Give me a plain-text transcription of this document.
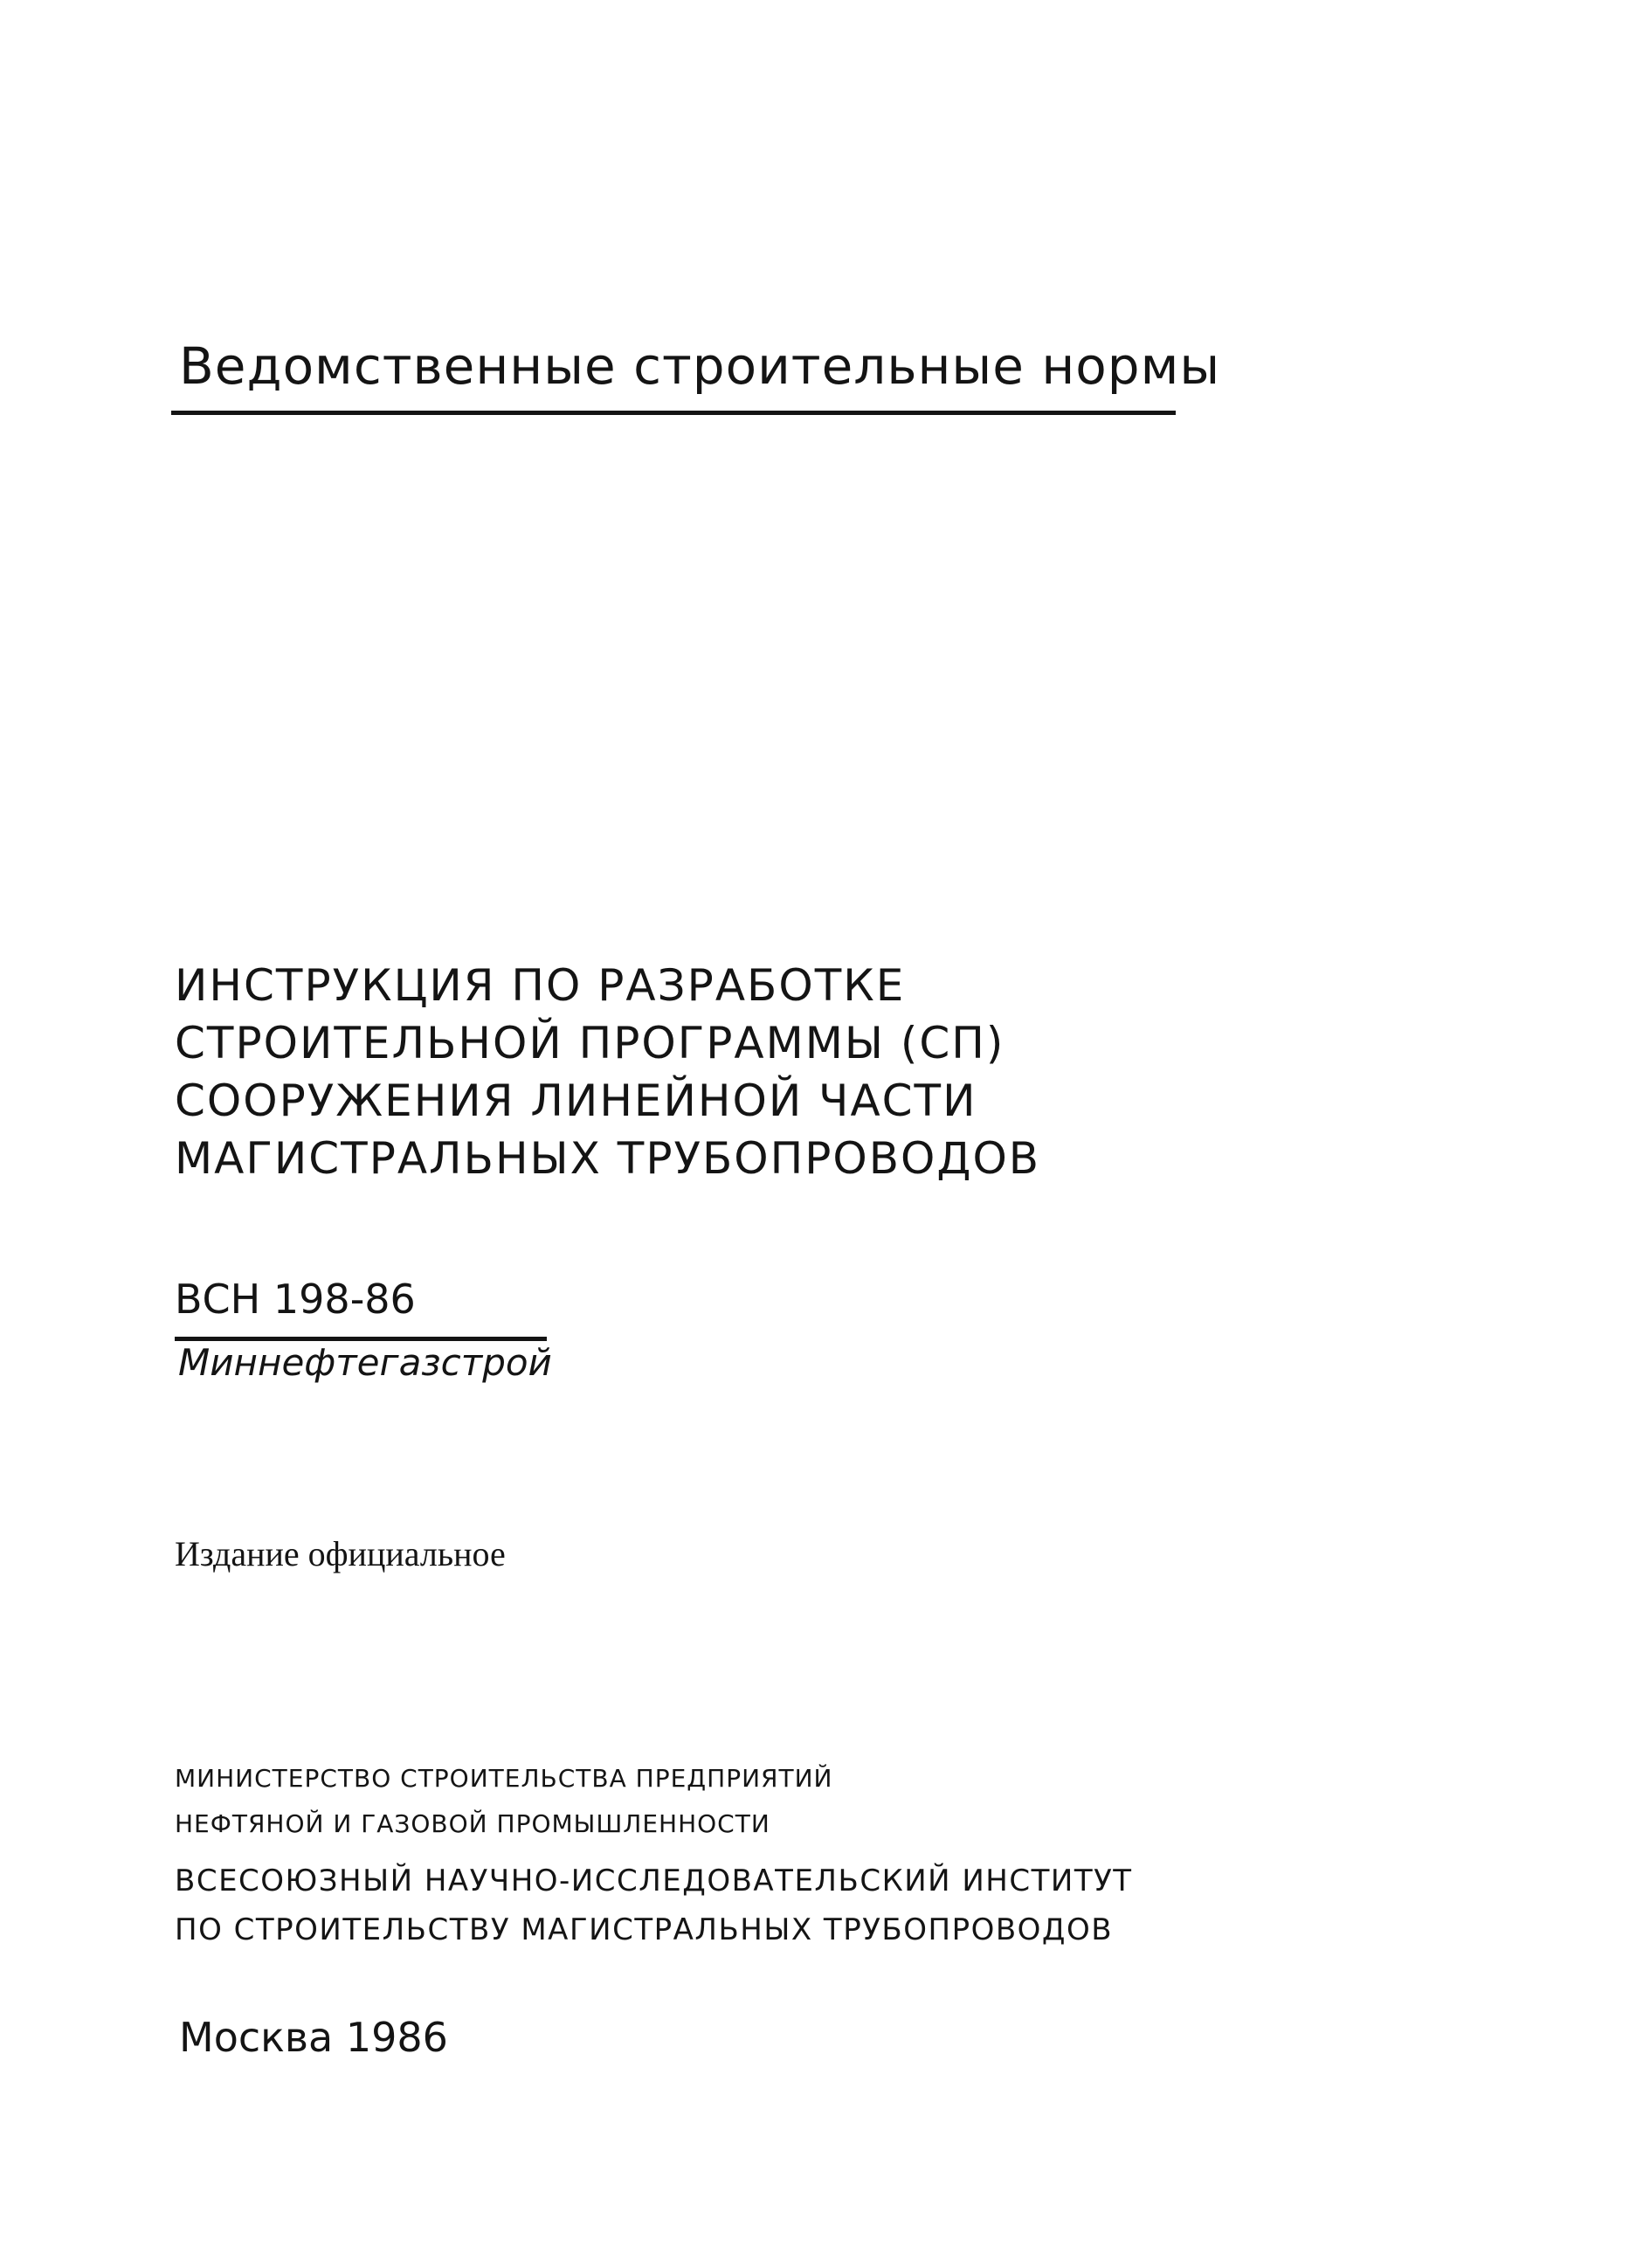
Ведомственные строительные нормы
ИНСТРУКЦИЯ ПО РАЗРАБОТКЕ
СТРОИТЕЛЬНОЙ ПРОГРАММЫ (СП)
СООРУЖЕНИЯ ЛИНЕЙНОЙ ЧАСТИ
МАГИСТРАЛЬНЫХ ТРУБОПРОВОДОВ
ВСН 198-86
Миннефтегазстрой
Издание официальное
МИНИСТЕРСТВО СТРОИТЕЛЬСТВА ПРЕДПРИЯТИЙ
НЕФТЯНОЙ И ГАЗОВОЙ ПРОМЫШЛЕННОСТИ
ВСЕСОЮЗНЫЙ НАУЧНО-ИССЛЕДОВАТЕЛЬСКИЙ ИНСТИТУТ
ПО СТРОИТЕЛЬСТВУ МАГИСТРАЛЬНЫХ ТРУБОПРОВОДОВ
Москва 1986
